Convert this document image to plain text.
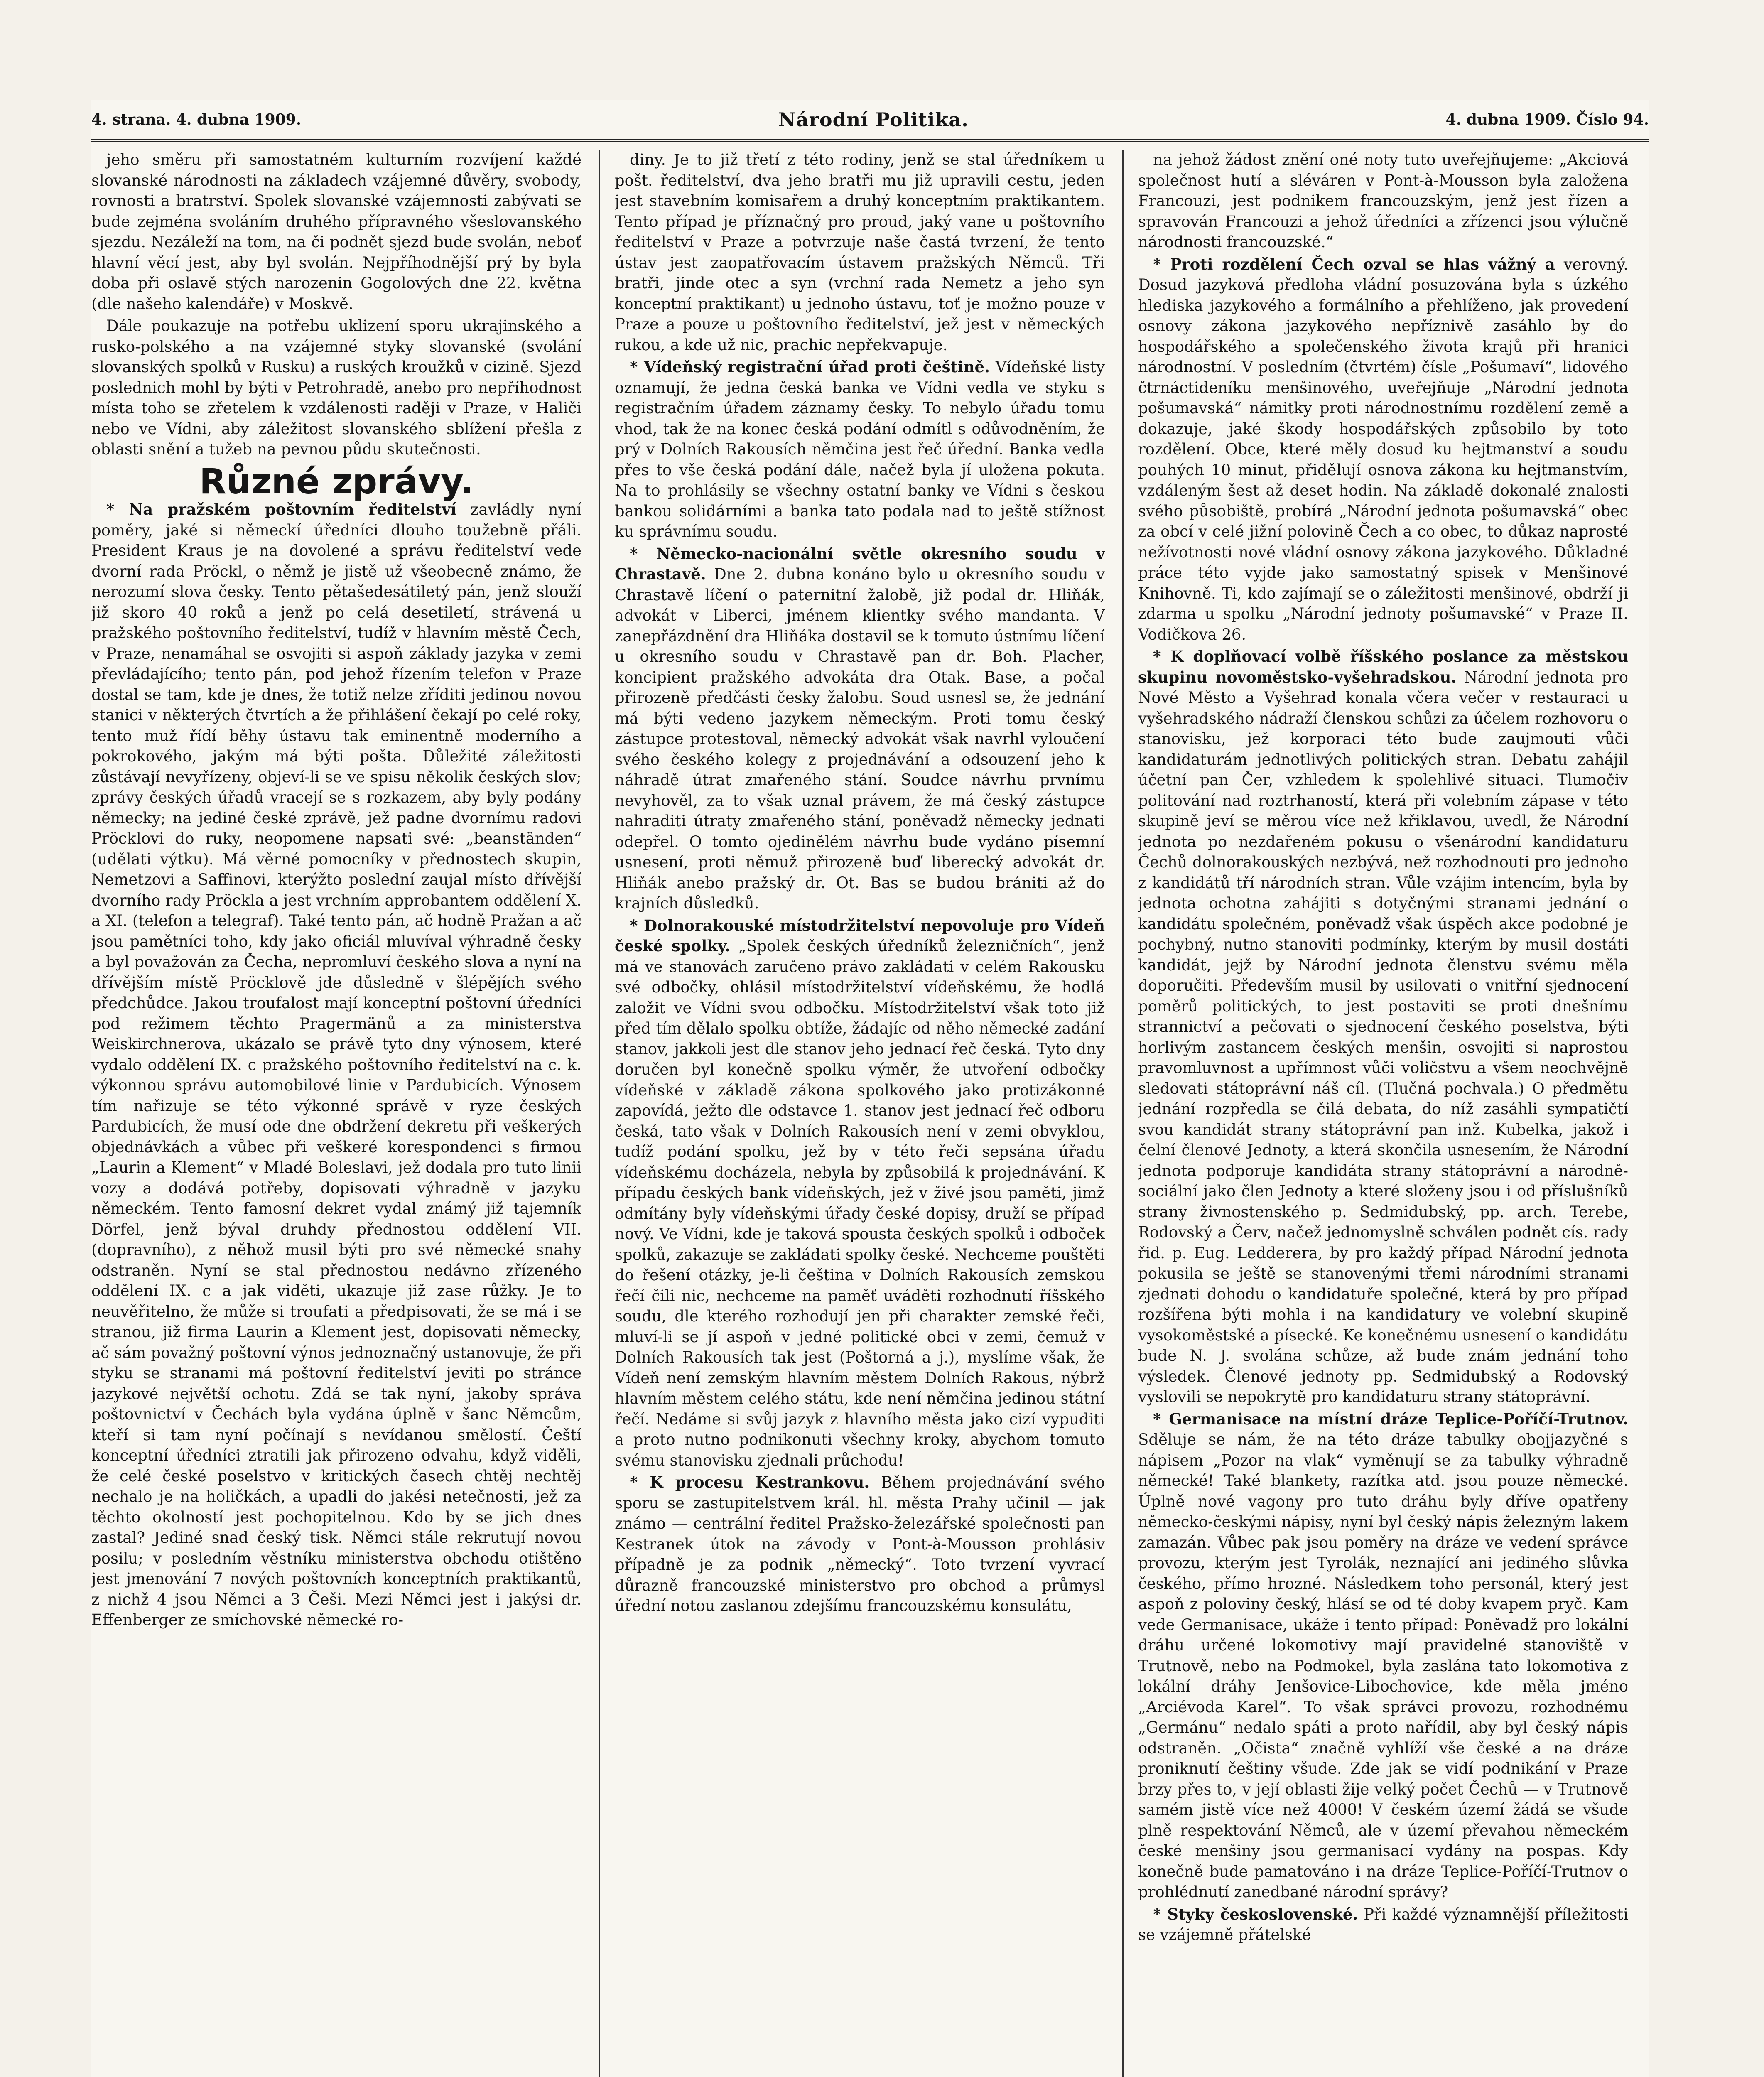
4. strana. 4. dubna 1909.	Národní Politika.	4. dubna 1909. Číslo 94.

jeho směru při samostatném kulturním rozvíjení každé slovanské národnosti na základech vzájemné důvěry, svobody, rovnosti a bratrství. Spolek slovanské vzájemnosti zabývati se bude zejména svoláním druhého přípravného všeslovanského sjezdu. Nezáleží na tom, na či podnět sjezd bude svolán, neboť hlavní věcí jest, aby byl svolán. Nejpříhodnější prý by byla doba při oslavě stých narozenin Gogolových dne 22. května (dle našeho kalendáře) v Moskvě.

Dále poukazuje na potřebu uklizení sporu ukrajinského a rusko-polského a na vzájemné styky slovanské (svolání slovanských spolků v Rusku) a ruských kroužků v cizině. Sjezd poslednich mohl by býti v Petrohradě, anebo pro nepříhodnost místa toho se zřetelem k vzdálenosti raději v Praze, v Haliči nebo ve Vídni, aby záležitost slovanského sblížení přešla z oblasti snění a tužeb na pevnou půdu skutečnosti.

Různé zprávy.

* Na pražském poštovním ředitelství zavládly nyní poměry, jaké si německí úředníci dlouho toužebně přáli. President Kraus je na dovolené a správu ředitelství vede dvorní rada Pröckl, o němž je jistě už všeobecně známo, že nerozumí slova česky. Tento pětašedesátiletý pán, jenž slouží již skoro 40 roků a jenž po celá desetiletí, strávená u pražského poštovního ředitelství, tudíž v hlavním městě Čech, v Praze, nenamáhal se osvojiti si aspoň základy jazyka v zemi převládajícího; tento pán, pod jehož řízením telefon v Praze dostal se tam, kde je dnes, že totiž nelze zříditi jedinou novou stanici v některých čtvrtích a že přihlášení čekají po celé roky, tento muž řídí běhy ústavu tak eminentně moderního a pokrokového, jakým má býti pošta. Důležité záležitosti zůstávají nevyřízeny, objeví-li se ve spisu několik českých slov; zprávy českých úřadů vracejí se s rozkazem, aby byly podány německy; na jediné české zprávě, jež padne dvornímu radovi Pröcklovi do ruky, neopomene napsati své: „beanständen“ (udělati výtku). Má věrné pomocníky v přednostech skupin, Nemetzovi a Saffinovi, kterýžto poslední zaujal místo dřívější dvorního rady Pröckla a jest vrchním approbantem oddělení X. a XI. (telefon a telegraf). Také tento pán, ač hodně Pražan a ač jsou pamětníci toho, kdy jako oficiál mluvíval výhradně česky a byl považován za Čecha, nepromluví českého slova a nyní na dřívějším místě Pröcklově jde důsledně v šlépějích svého předchůdce. Jakou troufalost mají konceptní poštovní úředníci pod režimem těchto Pragermänů a za ministerstva Weiskirchnerova, ukázalo se právě tyto dny výnosem, které vydalo oddělení IX. c pražského poštovního ředitelství na c. k. výkonnou správu automobilové linie v Pardubicích. Výnosem tím nařizuje se této výkonné správě v ryze českých Pardubicích, že musí ode dne obdržení dekretu při veškerých objednávkách a vůbec při veškeré korespondenci s firmou „Laurin a Klement“ v Mladé Boleslavi, jež dodala pro tuto linii vozy a dodává potřeby, dopisovati výhradně v jazyku německém. Tento famosní dekret vydal známý již tajemník Dörfel, jenž býval druhdy přednostou oddělení VII. (dopravního), z něhož musil býti pro své německé snahy odstraněn. Nyní se stal přednostou nedávno zřízeného oddělení IX. c a jak viděti, ukazuje již zase růžky. Je to neuvěřitelno, že může si troufati a předpisovati, že se má i se stranou, již firma Laurin a Klement jest, dopisovati německy, ač sám považný poštovní výnos jednoznačný ustanovuje, že při styku se stranami má poštovní ředitelství jeviti po stránce jazykové největší ochotu. Zdá se tak nyní, jakoby správa poštovnictví v Čechách byla vydána úplně v šanc Němcům, kteří si tam nyní počínají s nevídanou smělostí. Čeští konceptní úředníci ztratili jak přirozeno odvahu, když viděli, že celé české poselstvo v kritických časech chtěj nechtěj nechalo je na holičkách, a upadli do jakési netečnosti, jež za těchto okolností jest pochopitelnou. Kdo by se jich dnes zastal? Jediné snad český tisk. Němci stále rekrutují novou posilu; v posledním věstníku ministerstva obchodu otištěno jest jmenování 7 nových poštovních konceptních praktikantů, z nichž 4 jsou Němci a 3 Češi. Mezi Němci jest i jakýsi dr. Effenberger ze smíchovské německé ro-

diny. Je to již třetí z této rodiny, jenž se stal úředníkem u pošt. ředitelství, dva jeho bratři mu již upravili cestu, jeden jest stavebním komisařem a druhý konceptním praktikantem. Tento případ je příznačný pro proud, jaký vane u poštovního ředitelství v Praze a potvrzuje naše častá tvrzení, že tento ústav jest zaopatřovacím ústavem pražských Němců. Tři bratři, jinde otec a syn (vrchní rada Nemetz a jeho syn konceptní praktikant) u jednoho ústavu, toť je možno pouze v Praze a pouze u poštovního ředitelství, jež jest v německých rukou, a kde už nic, prachic nepřekvapuje.

* Vídeňský registrační úřad proti češtině. Vídeňské listy oznamují, že jedna česká banka ve Vídni vedla ve styku s registračním úřadem záznamy česky. To nebylo úřadu tomu vhod, tak že na konec česká podání odmítl s odůvodněním, že prý v Dolních Rakousích němčina jest řeč úřední. Banka vedla přes to vše česká podání dále, načež byla jí uložena pokuta. Na to prohlásily se všechny ostatní banky ve Vídni s českou bankou solidárními a banka tato podala nad to ještě stížnost ku správnímu soudu.

* Německo-nacionální světle okresního soudu v Chrastavě. Dne 2. dubna konáno bylo u okresního soudu v Chrastavě líčení o paternitní žalobě, již podal dr. Hliňák, advokát v Liberci, jménem klientky svého mandanta. V zanepřázdnění dra Hliňáka dostavil se k tomuto ústnímu líčení u okresního soudu v Chrastavě pan dr. Boh. Placher, koncipient pražského advokáta dra Otak. Base, a počal přirozeně předčásti česky žalobu. Soud usnesl se, že jednání má býti vedeno jazykem německým. Proti tomu český zástupce protestoval, německý advokát však navrhl vyloučení svého českého kolegy z projednávání a odsouzení jeho k náhradě útrat zmařeného stání. Soudce návrhu prvnímu nevyhověl, za to však uznal právem, že má český zástupce nahraditi útraty zmařeného stání, poněvadž německy jednati odepřel. O tomto ojedinělém návrhu bude vydáno písemní usnesení, proti němuž přirozeně buď liberecký advokát dr. Hliňák anebo pražský dr. Ot. Bas se budou brániti až do krajních důsledků.

* Dolnorakouské místodržitelství nepovoluje pro Vídeň české spolky. „Spolek českých úředníků železničních“, jenž má ve stanovách zaručeno právo zakládati v celém Rakousku své odbočky, ohlásil místodržitelství vídeňskému, že hodlá založit ve Vídni svou odbočku. Místodržitelství však toto již před tím dělalo spolku obtíže, žádajíc od něho německé zadání stanov, jakkoli jest dle stanov jeho jednací řeč česká. Tyto dny doručen byl konečně spolku výměr, že utvoření odbočky vídeňské v základě zákona spolkového jako protizákonné zapovídá, ježto dle odstavce 1. stanov jest jednací řeč odboru česká, tato však v Dolních Rakousích není v zemi obvyklou, tudíž podání spolku, jež by v této řeči sepsána úřadu vídeňskému docházela, nebyla by způsobilá k projednávání. K případu českých bank vídeňských, jež v živé jsou paměti, jimž odmítány byly vídeňskými úřady české dopisy, druží se případ nový. Ve Vídni, kde je taková spousta českých spolků i odboček spolků, zakazuje se zakládati spolky české. Nechceme pouštěti do řešení otázky, je-li čeština v Dolních Rakousích zemskou řečí čili nic, nechceme na paměť uváděti rozhodnutí říšského soudu, dle kterého rozhodují jen při charakter zemské řeči, mluví-li se jí aspoň v jedné politické obci v zemi, čemuž v Dolních Rakousích tak jest (Poštorná a j.), myslíme však, že Vídeň není zemským hlavním městem Dolních Rakous, nýbrž hlavním městem celého státu, kde není němčina jedinou státní řečí. Nedáme si svůj jazyk z hlavního města jako cizí vypuditi a proto nutno podnikonuti všechny kroky, abychom tomuto svému stanovisku zjednali průchodu!

* K procesu Kestrankovu. Během projednávání svého sporu se zastupitelstvem král. hl. města Prahy učinil — jak známo — centrální ředitel Pražsko-železářské společnosti pan Kestranek útok na závody v Pont-à-Mousson prohlásiv případně je za podnik „německý“. Toto tvrzení vyvrací důrazně francouzské ministerstvo pro obchod a průmysl úřední notou zaslanou zdejšímu francouzskému konsulátu,

na jehož žádost znění oné noty tuto uveřejňujeme: „Akciová společnost hutí a sléváren v Pont-à-Mousson byla založena Francouzi, jest podnikem francouzským, jenž jest řízen a spravován Francouzi a jehož úředníci a zřízenci jsou výlučně národnosti francouzské.“

* Proti rozdělení Čech ozval se hlas vážný a verovný. Dosud jazyková předloha vládní posuzována byla s úzkého hlediska jazykového a formálního a přehlíženo, jak provedení osnovy zákona jazykového nepříznivě zasáhlo by do hospodářského a společenského života krajů při hranici národnostní. V posledním (čtvrtém) čísle „Pošumaví“, lidového čtrnáctideníku menšinového, uveřejňuje „Národní jednota pošumavská“ námitky proti národnostnímu rozdělení země a dokazuje, jaké škody hospodářských způsobilo by toto rozdělení. Obce, které měly dosud ku hejtmanství a soudu pouhých 10 minut, přidělují osnova zákona ku hejtmanstvím, vzdáleným šest až deset hodin. Na základě dokonalé znalosti svého působiště, probírá „Národní jednota pošumavská“ obec za obcí v celé jižní polovině Čech a co obec, to důkaz naprosté nežívotnosti nové vládní osnovy zákona jazykového. Důkladné práce této vyjde jako samostatný spisek v Menšinové Knihovně. Ti, kdo zajímají se o záležitosti menšinové, obdrží ji zdarma u spolku „Národní jednoty pošumavské“ v Praze II. Vodičkova 26.

* K doplňovací volbě říšského poslance za městskou skupinu novoměstsko-vyšehradskou. Národní jednota pro Nové Město a Vyšehrad konala včera večer v restauraci u vyšehradského nádraží členskou schůzi za účelem rozhovoru o stanovisku, jež korporaci této bude zaujmouti vůči kandidaturám jednotlivých politických stran. Debatu zahájil účetní pan Čer, vzhledem k spolehlivé situaci. Tlumočiv politování nad roztrhaností, která při volebním zápase v této skupině jeví se měrou více než křiklavou, uvedl, že Národní jednota po nezdařeném pokusu o všenárodní kandidaturu Čechů dolnorakouských nezbývá, než rozhodnouti pro jednoho z kandidátů tří národních stran. Vůle vzájim intencím, byla by jednota ochotna zahájiti s dotyčnými stranami jednání o kandidátu společném, poněvadž však úspěch akce podobné je pochybný, nutno stanoviti podmínky, kterým by musil dostáti kandidát, jejž by Národní jednota členstvu svému měla doporučiti. Především musil by usilovati o vnitřní sjednocení poměrů politických, to jest postaviti se proti dnešnímu strannictví a pečovati o sjednocení českého poselstva, býti horlivým zastancem českých menšin, osvojiti si naprostou pravomluvnost a upřímnost vůči voličstvu a všem neochvějně sledovati státoprávní náš cíl. (Tlučná pochvala.) O předmětu jednání rozpředla se čilá debata, do níž zasáhli sympatičtí svou kandidát strany státoprávní pan inž. Kubelka, jakož i čelní členové Jednoty, a která skončila usnesením, že Národní jednota podporuje kandidáta strany státoprávní a národně-sociální jako člen Jednoty a které složeny jsou i od příslušníků strany živnostenského p. Sedmidubský, pp. arch. Terebe, Rodovský a Červ, načež jednomyslně schválen podnět cís. rady řid. p. Eug. Ledderera, by pro každý případ Národní jednota pokusila se ještě se stanovenými třemi národními stranami zjednati dohodu o kandidatuře společné, která by pro případ rozšířena býti mohla i na kandidatury ve volební skupině vysokoměstské a písecké. Ke konečnému usnesení o kandidátu bude N. J. svolána schůze, až bude znám jednání toho výsledek. Členové jednoty pp. Sedmidubský a Rodovský vyslovili se nepokrytě pro kandidaturu strany státoprávní.

* Germanisace na místní dráze Teplice-Poříčí-Trutnov. Sděluje se nám, že na této dráze tabulky obojjazyčné s nápisem „Pozor na vlak“ vyměnují se za tabulky výhradně německé! Také blankety, razítka atd. jsou pouze německé. Úplně nové vagony pro tuto dráhu byly dříve opatřeny německo-českými nápisy, nyní byl český nápis železným lakem zamazán. Vůbec pak jsou poměry na dráze ve vedení správce provozu, kterým jest Tyrolák, neznající ani jediného slůvka českého, přímo hrozné. Následkem toho personál, který jest aspoň z poloviny český, hlásí se od té doby kvapem pryč. Kam vede Germanisace, ukáže i tento případ: Poněvadž pro lokální dráhu určené lokomotivy mají pravidelné stanoviště v Trutnově, nebo na Podmokel, byla zaslána tato lokomotiva z lokální dráhy Jenšovice-Libochovice, kde měla jméno „Arciévoda Karel“. To však správci provozu, rozhodnému „Germánu“ nedalo spáti a proto nařídil, aby byl český nápis odstraněn. „Očista“ značně vyhlíží vše české a na dráze proniknutí češtiny všude. Zde jak se vidí podnikání v Praze brzy přes to, v její oblasti žije velký počet Čechů — v Trutnově samém jistě více než 4000! V českém území žádá se všude plně respektování Němců, ale v území převahou německém české menšiny jsou germanisací vydány na pospas. Kdy konečně bude pamatováno i na dráze Teplice-Poříčí-Trutnov o prohlédnutí zanedbané národní správy?

* Styky československé. Při každé významnější příležitosti se vzájemně přátelské
